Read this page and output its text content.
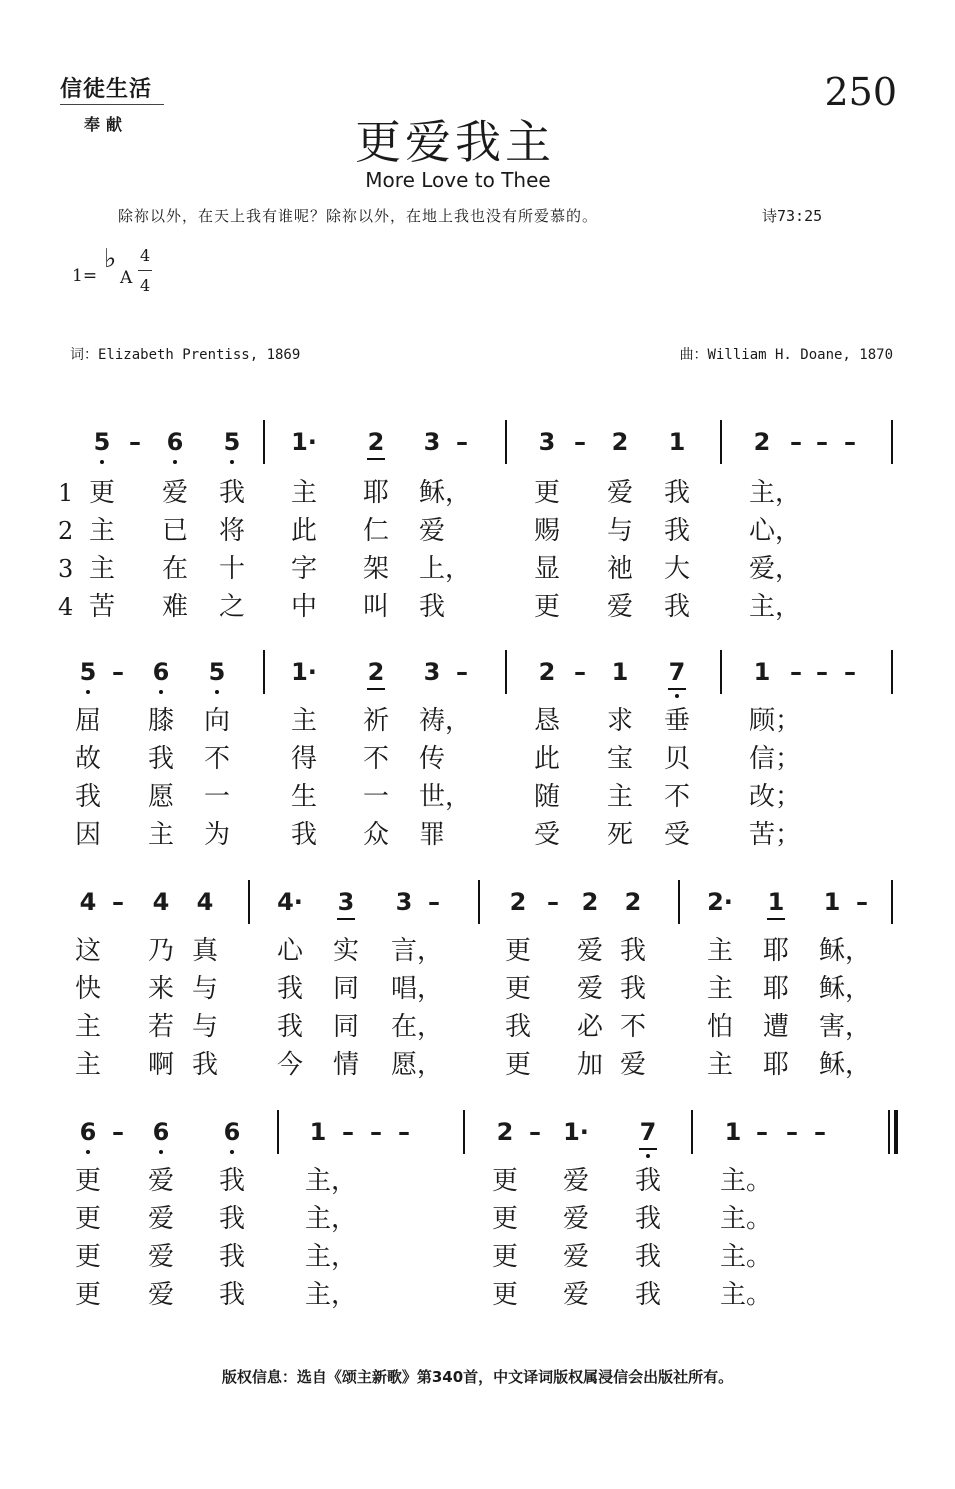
信徒生活
奉献
250
更爱我主
More Love to Thee
除祢以外，在天上我有谁呢？除祢以外，在地上我也没有所爱慕的。	诗73:25
1=
♭
A
4
4
词：Elizabeth Prentiss, 1869	曲：William H. Doane, 1870
5 – 6 5 1· 2 3 –	3 – 2 1	2 – – –
1 更 爱 我 主 耶 稣， 更 爱 我 主，
2 主 已 将 此 仁 爱	赐 与 我 心，
3 主 在 十 字 架 上， 显 祂 大 爱，
4 苦 难 之 中 叫 我	更 爱 我 主，
5 – 6 5	1· 2 3 –	2 – 1 7	1 – – –
屈 膝 向 主 祈 祷， 恳 求 垂 顾；
故 我 不 得 不 传	此 宝 贝 信；
我 愿 一 生 一 世， 随 主 不 改；
因 主 为 我 众 罪	受 死 受 苦；
4 – 4 4	4· 3 3 –	2 – 2 2	2· 1 1 –
这 乃 真 心 实 言， 更 爱 我 主 耶 稣，
快 来 与 我 同 唱， 更 爱 我 主 耶 稣，
主 若 与 我 同 在， 我 必 不 怕 遭 害，
主 啊 我 今 情 愿， 更 加 爱 主 耶 稣，
6 – 6 6	1 – – –	2 – 1· 7	1 – – –
更 爱 我 主，	更 爱 我 主。
更 爱 我 主，	更 爱 我 主。
更 爱 我 主，	更 爱 我 主。
更 爱 我 主，	更 爱 我 主。
版权信息：选自《颂主新歌》第340首，中文译词版权属浸信会出版社所有。
